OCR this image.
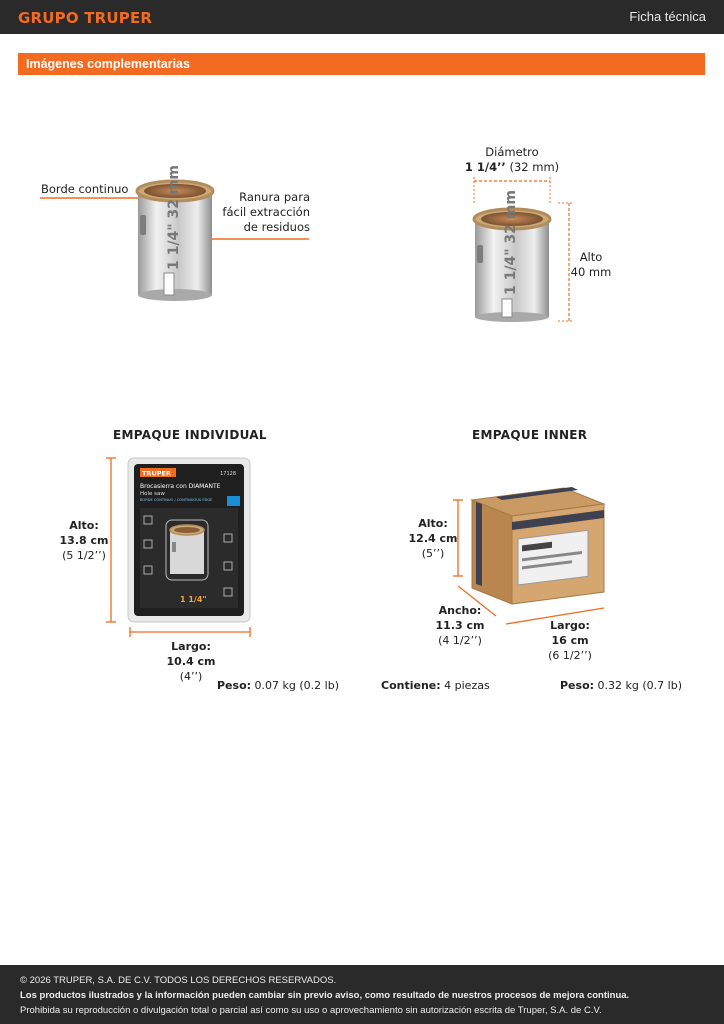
GRUPO TRUPER	Ficha técnica
Imágenes complementarias
1 1/4" 32 mm
Borde continuo
Ranura para
fácil extracción
de residuos	1 1/4" 32 mm
Diámetro
1 1/4’’ (32 mm)
Alto
40 mm
EMPAQUE INDIVIDUAL
TRUPER	17128
Brocasierra con DIAMANTE
Hole saw
BORDE CONTINUO / CONTINUOUS EDGE
1 1/4"
Alto:
13.8 cm
(5 1/2’’)
Largo:
10.4 cm
(4’’)
Peso: 0.07 kg (0.2 lb)
EMPAQUE INNER
Alto:
12.4 cm
(5’’)
Ancho:
11.3 cm
(4 1/2’’)
Largo:
16 cm
(6 1/2’’)
Contiene: 4 piezas	Peso: 0.32 kg (0.7 lb)
© 2026 TRUPER, S.A. DE C.V. TODOS LOS DERECHOS RESERVADOS.
Los productos ilustrados y la información pueden cambiar sin previo aviso, como resultado de nuestros procesos de mejora continua.
Prohibida su reproducción o divulgación total o parcial así como su uso o aprovechamiento sin autorización escrita de Truper, S.A. de C.V.
